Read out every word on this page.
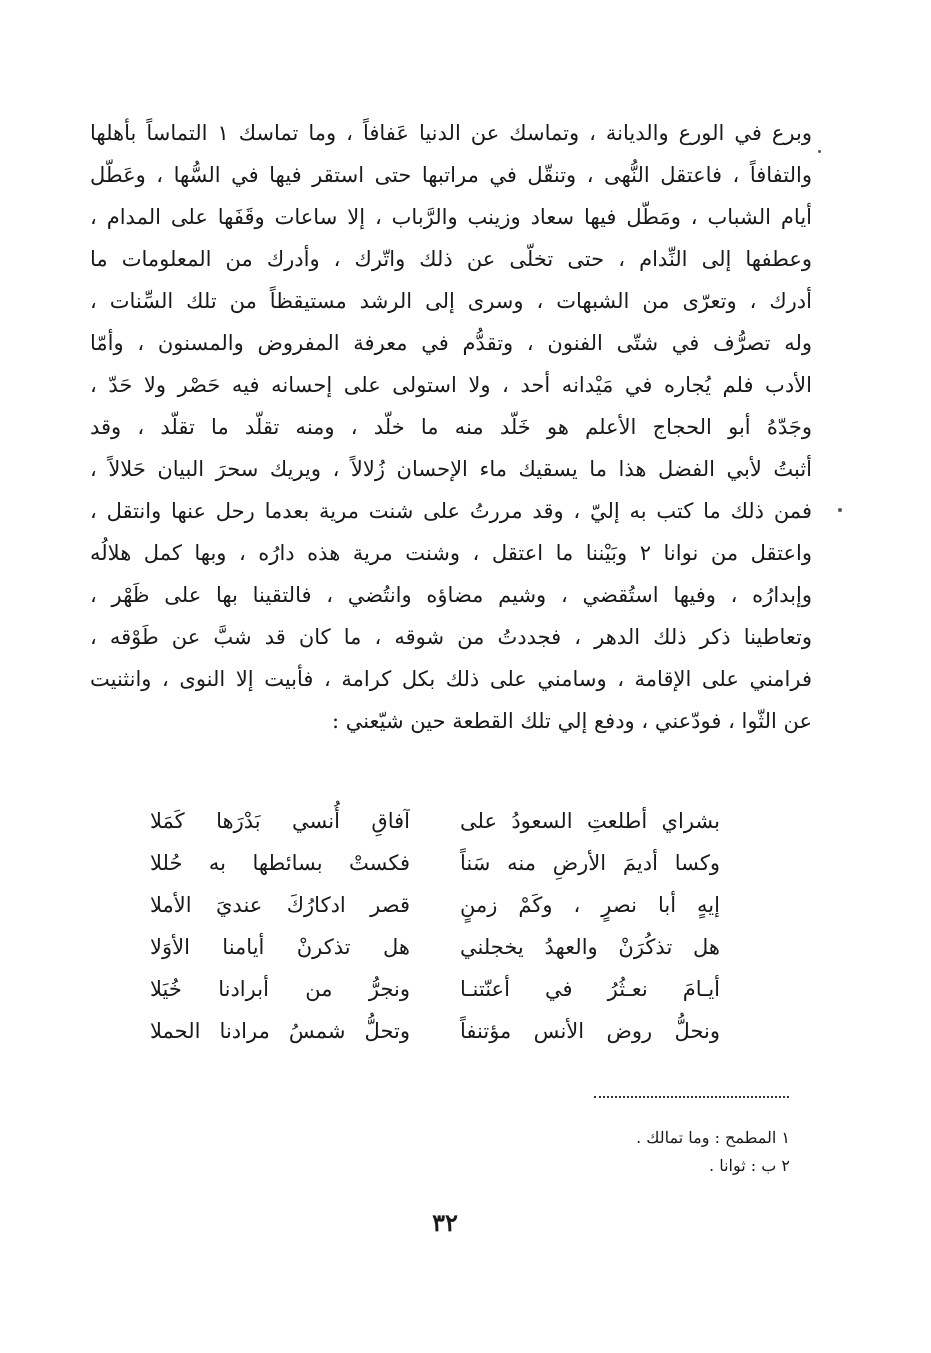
وبرع في الورع والديانة ، وتماسك عن الدنيا عَفافاً ، وما تماسك ١ التماساً بأهلها
والتفافاً ، فاعتقل النُّهى ، وتنقّل في مراتبها حتى استقر فيها في السُّها ، وعَطّل
أيام الشباب ، ومَطّل فيها سعاد وزينب والرَّباب ، إلا ساعات وقَفَها على المدام ،
وعطفها إلى النِّدام ، حتى تخلّى عن ذلك واتّرك ، وأدرك من المعلومات ما
أدرك ، وتعرّى من الشبهات ، وسرى إلى الرشد مستيقظاً من تلك السِّنات ،
وله تصرُّف في شتّى الفنون ، وتقدُّم في معرفة المفروض والمسنون ، وأمّا
الأدب فلم يُجاره في مَيْدانه أحد ، ولا استولى على إحسانه فيه حَصْر ولا حَدّ ،
وجَدّهُ أبو الحجاج الأعلم هو خَلّد منه ما خلّد ، ومنه تقلّد ما تقلّد ، وقد
أثبتُ لأبي الفضل هذا ما يسقيك ماء الإحسان زُلالاً ، ويريك سحرَ البيان حَلالاً ،
فمن ذلك ما كتب به إليّ ، وقد مررتُ على شنت مرية بعدما رحل عنها وانتقل ،
واعتقل من نوانا ٢ وبَيْننا ما اعتقل ، وشنت مرية هذه دارُه ، وبها كمل هلالُه
وإبدارُه ، وفيها استُقضي ، وشيم مضاؤه وانتُضي ، فالتقينا بها على ظَهْر ،
وتعاطينا ذكر ذلك الدهر ، فجددتُ من شوقه ، ما كان قد شبَّ عن طَوْقه ،
فرامني على الإقامة ، وسامني على ذلك بكل كرامة ، فأبيت إلا النوى ، وانثنيت
عن الثّوا ، فودّعني ، ودفع إلي تلك القطعة حين شيّعني :
بشراي أطلعتِ السعودُ على
آفاقِ أُنسي بَدْرَها كَمَلا
وكسا أديمَ الأرضِ منه سَناً
فكستْ بسائطها به حُللا
إيهٍ أبا نصرٍ ، وكَمْ زمنٍ
قصر ادكارُكَ عنديَ الأملا
هل تذكُرَنْ والعهدُ يخجلني
هل تذكرنْ أيامنا الأوَلا
أيـامَ نعـثُرُ في أعنّتنـا
ونجرُّ من أبرادنا خُيَلا
ونحلُّ روض الأنس مؤتنفاً
وتحلُّ شمسُ مرادنا الحملا
١ المطمح : وما تمالك .
٢ ب : ثوانا .
٣٢
